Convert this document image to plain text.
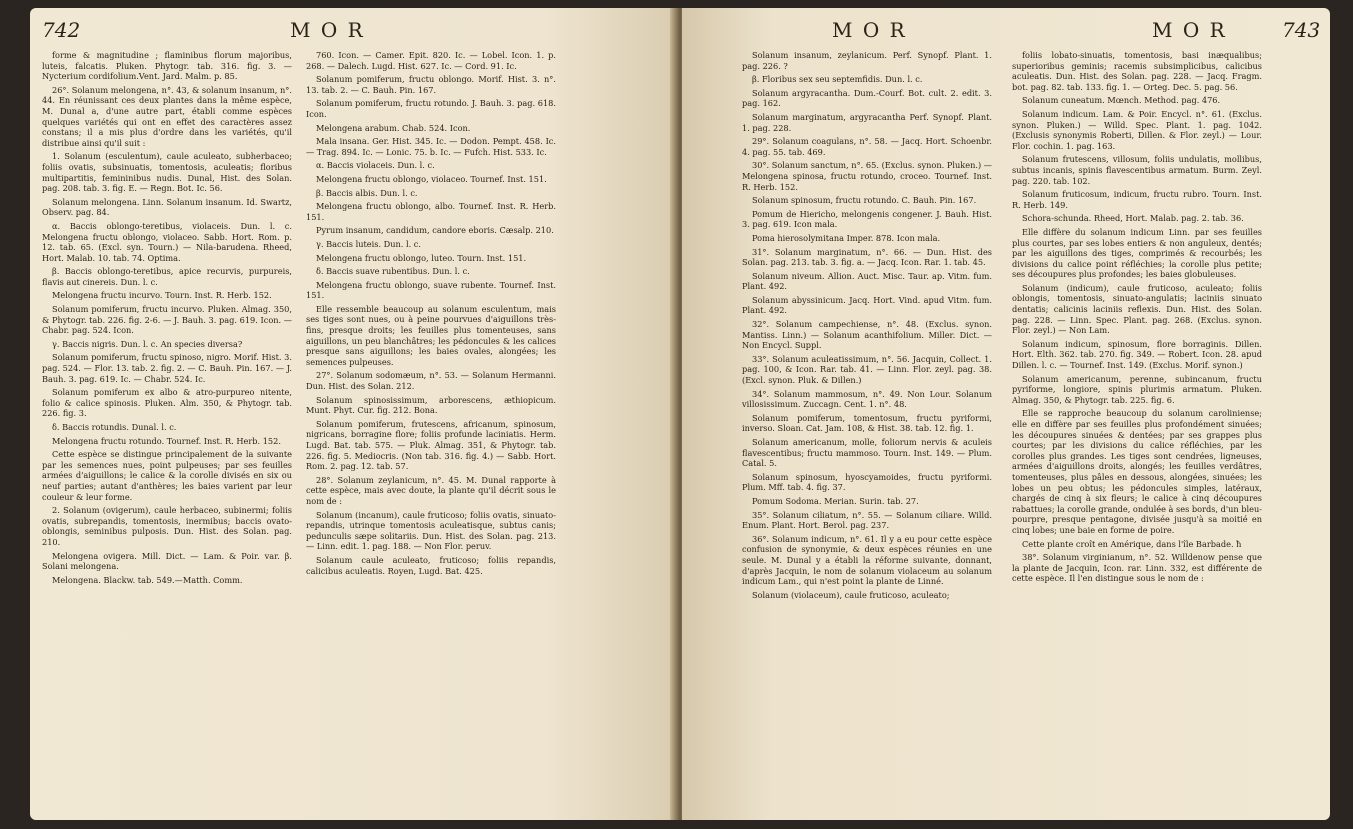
742	M O R

forme & magnitudine ; flaminibus florum majoribus, luteis, falcatis. Pluken. Phytogr. tab. 316. fig. 3. — Nycterium cordifolium.Vent. Jard. Malm. p. 85.

26°. Solanum melongena, n°. 43, & solanum insanum, n°. 44. En réunissant ces deux plantes dans la même espèce, M. Dunal a, d'une autre part, établi comme espèces quelques variétés qui ont en effet des caractères assez constans; il a mis plus d'ordre dans les variétés, qu'il distribue ainsi qu'il suit :

1. Solanum (esculentum), caule aculeato, subherbaceo; foliis ovatis, subsinuatis, tomentosis, aculeatis; floribus multipartitis, femininibus nudis. Dunal, Hist. des Solan. pag. 208. tab. 3. fig. E. — Regn. Bot. Ic. 56.

Solanum melongena. Linn. Solanum insanum. Id. Swartz, Observ. pag. 84.

α. Baccis oblongo-teretibus, violaceis. Dun. l. c. Melongena fructu oblongo, violaceo. Sabb. Hort. Rom. p. 12. tab. 65. (Excl. syn. Tourn.) — Nila-barudena. Rheed, Hort. Malab. 10. tab. 74. Optima.

β. Baccis oblongo-teretibus, apice recurvis, purpureis, flavis aut cinereis. Dun. l. c.

Melongena fructu incurvo. Tourn. Inst. R. Herb. 152.

Solanum pomiferum, fructu incurvo. Pluken. Almag. 350, & Phytogr. tab. 226. fig. 2-6. — J. Bauh. 3. pag. 619. Icon. — Chabr. pag. 524. Icon.

γ. Baccis nigris. Dun. l. c. An species diversa?

Solanum pomiferum, fructu spinoso, nigro. Morif. Hist. 3. pag. 524. — Flor. 13. tab. 2. fig. 2. — C. Bauh. Pin. 167. — J. Bauh. 3. pag. 619. Ic. — Chabr. 524. Ic.

Solanum pomiferum ex albo & atro-purpureo nitente, folio & calice spinosis. Pluken. Alm. 350, & Phytogr. tab. 226. fig. 3.

δ. Baccis rotundis. Dunal. l. c.

Melongena fructu rotundo. Tournef. Inst. R. Herb. 152.

Cette espèce se distingue principalement de la suivante par les semences nues, point pulpeuses; par ses feuilles armées d'aiguillons; le calice & la corolle divisés en six ou neuf parties; autant d'anthères; les baies varient par leur couleur & leur forme.

2. Solanum (ovigerum), caule herbaceo, subinermi; foliis ovatis, subrepandis, tomentosis, inermibus; baccis ovato-oblongis, seminibus pulposis. Dun. Hist. des Solan. pag. 210.

Melongena ovigera. Mill. Dict. — Lam. & Poir. var. β. Solani melongena.

Melongena. Blackw. tab. 549.—Matth. Comm.

760. Icon. — Camer. Epit. 820. Ic. — Lobel. Icon. 1. p. 268. — Dalech. Lugd. Hist. 627. Ic. — Cord. 91. Ic.

Solanum pomiferum, fructu oblongo. Morif. Hist. 3. n°. 13. tab. 2. — C. Bauh. Pin. 167.

Solanum pomiferum, fructu rotundo. J. Bauh. 3. pag. 618. Icon.

Melongena arabum. Chab. 524. Icon.

Mala insana. Ger. Hist. 345. Ic. — Dodon. Pempt. 458. Ic. — Trag. 894. Ic. — Lonic. 75. b. Ic. — Fufch. Hist. 533. Ic.

α. Baccis violaceis. Dun. l. c.

Melongena fructu oblongo, violaceo. Tournef. Inst. 151.

β. Baccis albis. Dun. l. c.

Melongena fructu oblongo, albo. Tournef. Inst. R. Herb. 151.

Pyrum insanum, candidum, candore eboris. Cæsalp. 210.

γ. Baccis luteis. Dun. l. c.

Melongena fructu oblongo, luteo. Tourn. Inst. 151.

δ. Baccis suave rubentibus. Dun. l. c.

Melongena fructu oblongo, suave rubente. Tournef. Inst. 151.

Elle ressemble beaucoup au solanum esculentum, mais ses tiges sont nues, ou à peine pourvues d'aiguillons très-fins, presque droits; les feuilles plus tomenteuses, sans aiguillons, un peu blanchâtres; les pédoncules & les calices presque sans aiguillons; les baies ovales, alongées; les semences pulpeuses.

27°. Solanum sodomæum, n°. 53. — Solanum Hermanni. Dun. Hist. des Solan. 212.

Solanum spinosissimum, arborescens, æthiopicum. Munt. Phyt. Cur. fig. 212. Bona.

Solanum pomiferum, frutescens, africanum, spinosum, nigricans, borragine flore; foliis profunde laciniatis. Herm. Lugd. Bat. tab. 575. — Pluk. Almag. 351, & Phytogr. tab. 226. fig. 5. Mediocris. (Non tab. 316. fig. 4.) — Sabb. Hort. Rom. 2. pag. 12. tab. 57.

28°. Solanum zeylanicum, n°. 45. M. Dunal rapporte à cette espèce, mais avec doute, la plante qu'il décrit sous le nom de :

Solanum (incanum), caule fruticoso; foliis ovatis, sinuato-repandis, utrinque tomentosis aculeatisque, subtus canis; pedunculis sæpe solitariis. Dun. Hist. des Solan. pag. 213. — Linn. edit. 1. pag. 188. — Non Flor. peruv.

Solanum caule aculeato, fruticoso; foliis repandis, calicibus aculeatis. Royen, Lugd. Bat. 425.

M O R	M O R	743

Solanum insanum, zeylanicum. Perf. Synopf. Plant. 1. pag. 226. ?

β. Floribus sex seu septemfidis. Dun. l. c.

Solanum argyracantha. Dum.-Courf. Bot. cult. 2. edit. 3. pag. 162.

Solanum marginatum, argyracantha Perf. Synopf. Plant. 1. pag. 228.

29°. Solanum coagulans, n°. 58. — Jacq. Hort. Schoenbr. 4. pag. 55. tab. 469.

30°. Solanum sanctum, n°. 65. (Exclus. synon. Pluken.) — Melongena spinosa, fructu rotundo, croceo. Tournef. Inst. R. Herb. 152.

Solanum spinosum, fructu rotundo. C. Bauh. Pin. 167.

Pomum de Hiericho, melongenis congener. J. Bauh. Hist. 3. pag. 619. Icon mala.

Poma hierosolymitana Imper. 878. Icon mala.

31°. Solanum marginatum, n°. 66. — Dun. Hist. des Solan. pag. 213. tab. 3. fig. a. — Jacq. Icon. Rar. 1. tab. 45.

Solanum niveum. Allion. Auct. Misc. Taur. ap. Vitm. fum. Plant. 492.

Solanum abyssinicum. Jacq. Hort. Vind. apud Vitm. fum. Plant. 492.

32°. Solanum campechiense, n°. 48. (Exclus. synon. Mantiss. Linn.) — Solanum acanthifolium. Miller. Dict. — Non Encycl. Suppl.

33°. Solanum aculeatissimum, n°. 56. Jacquin, Collect. 1. pag. 100, & Icon. Rar. tab. 41. — Linn. Flor. zeyl. pag. 38. (Excl. synon. Pluk. & Dillen.)

34°. Solanum mammosum, n°. 49. Non Lour. Solanum villosissimum. Zuccagn. Cent. 1. n°. 48.

Solanum pomiferum, tomentosum, fructu pyriformi, inverso. Sloan. Cat. Jam. 108, & Hist. 38. tab. 12. fig. 1.

Solanum americanum, molle, foliorum nervis & aculeis flavescentibus; fructu mammoso. Tourn. Inst. 149. — Plum. Catal. 5.

Solanum spinosum, hyoscyamoides, fructu pyriformi. Plum. Mff. tab. 4. fig. 37.

Pomum Sodoma. Merian. Surin. tab. 27.

35°. Solanum ciliatum, n°. 55. — Solanum ciliare. Willd. Enum. Plant. Hort. Berol. pag. 237.

36°. Solanum indicum, n°. 61. Il y a eu pour cette espèce confusion de synonymie, & deux espèces réunies en une seule. M. Dunal y a établi la réforme suivante, donnant, d'après Jacquin, le nom de solanum violaceum au solanum indicum Lam., qui n'est point la plante de Linné.

Solanum (violaceum), caule fruticoso, aculeato;

foliis lobato-sinuatis, tomentosis, basi inæqualibus; superioribus geminis; racemis subsimplicibus, calicibus aculeatis. Dun. Hist. des Solan. pag. 228. — Jacq. Fragm. bot. pag. 82. tab. 133. fig. 1. — Orteg. Dec. 5. pag. 56.

Solanum cuneatum. Mœnch. Method. pag. 476.

Solanum indicum. Lam. & Poir. Encycl. n°. 61. (Exclus. synon. Pluken.) — Willd. Spec. Plant. 1. pag. 1042. (Exclusis synonymis Roberti, Dillen. & Flor. zeyl.) — Lour. Flor. cochin. 1. pag. 163.

Solanum frutescens, villosum, foliis undulatis, mollibus, subtus incanis, spinis flavescentibus armatum. Burm. Zeyl. pag. 220. tab. 102.

Solanum fruticosum, indicum, fructu rubro. Tourn. Inst. R. Herb. 149.

Schora-schunda. Rheed, Hort. Malab. pag. 2. tab. 36.

Elle diffère du solanum indicum Linn. par ses feuilles plus courtes, par ses lobes entiers & non anguleux, dentés; par les aiguillons des tiges, comprimés & recourbés; les divisions du calice point réfléchies; la corolle plus petite; ses découpures plus profondes; les baies globuleuses.

Solanum (indicum), caule fruticoso, aculeato; foliis oblongis, tomentosis, sinuato-angulatis; laciniis sinuato dentatis; calicinis laciniis reflexis. Dun. Hist. des Solan. pag. 228. — Linn. Spec. Plant. pag. 268. (Exclus. synon. Flor. zeyl.) — Non Lam.

Solanum indicum, spinosum, flore borraginis. Dillen. Hort. Elth. 362. tab. 270. fig. 349. — Robert. Icon. 28. apud Dillen. l. c. — Tournef. Inst. 149. (Exclus. Morif. synon.)

Solanum americanum, perenne, subincanum, fructu pyriforme, longiore, spinis plurimis armatum. Pluken. Almag. 350, & Phytogr. tab. 225. fig. 6.

Elle se rapproche beaucoup du solanum caroliniense; elle en diffère par ses feuilles plus profondément sinuées; les découpures sinuées & dentées; par ses grappes plus courtes; par les divisions du calice réfléchies, par les corolles plus grandes. Les tiges sont cendrées, ligneuses, armées d'aiguillons droits, alongés; les feuilles verdâtres, tomenteuses, plus pâles en dessous, alongées, sinuées; les lobes un peu obtus; les pédoncules simples, latéraux, chargés de cinq à six fleurs; le calice à cinq découpures rabattues; la corolle grande, ondulée à ses bords, d'un bleu-pourpre, presque pentagone, divisée jusqu'à sa moitié en cinq lobes; une baie en forme de poire.

Cette plante croît en Amérique, dans l'île Barbade. ħ

38°. Solanum virginianum, n°. 52. Willdenow pense que la plante de Jacquin, Icon. rar. Linn. 332, est différente de cette espèce. Il l'en distingue sous le nom de :
